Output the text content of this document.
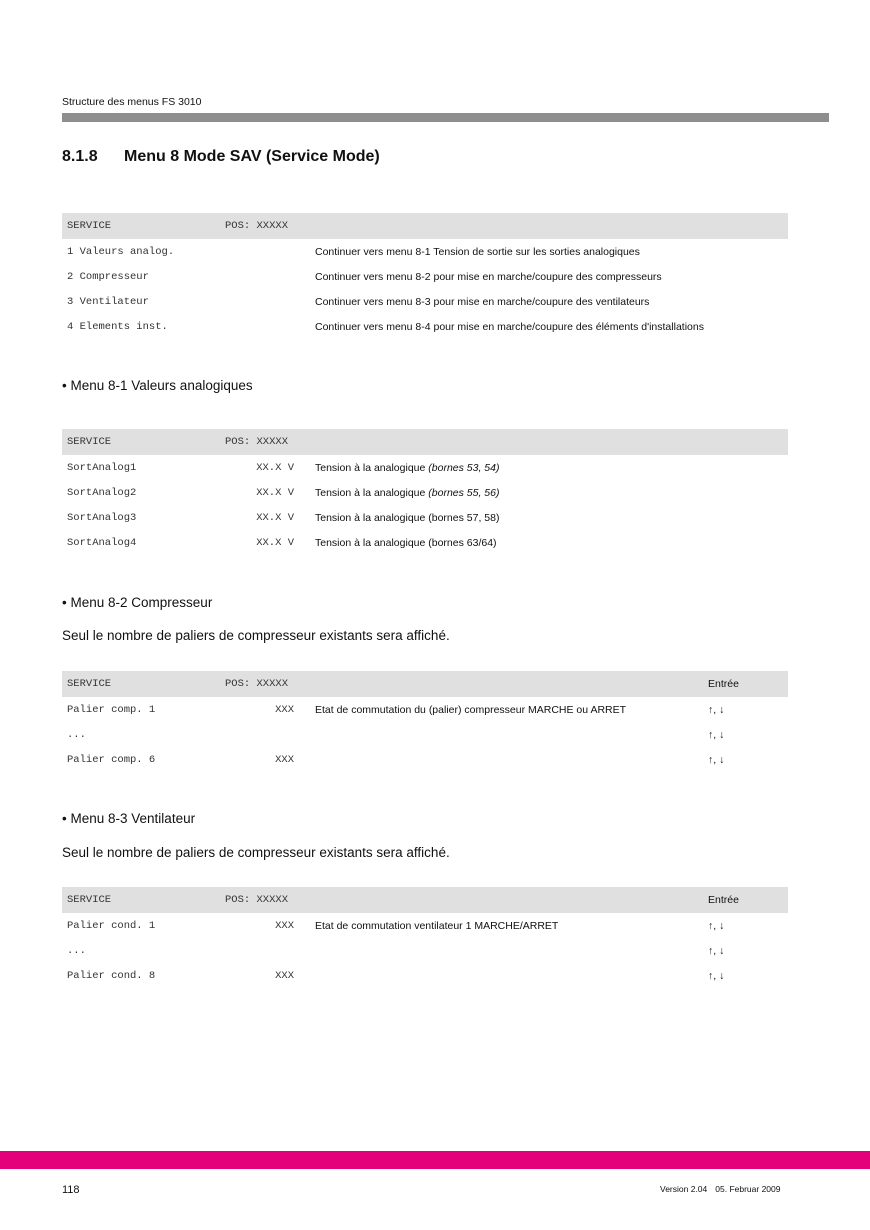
Structure des menus FS 3010
8.1.8 Menu 8 Mode SAV (Service Mode)
SERVICE	POS: XXXXX
1 Valeurs analog.	Continuer vers menu 8-1 Tension de sortie sur les sorties analogiques
2 Compresseur	Continuer vers menu 8-2 pour mise en marche/coupure des compresseurs
3 Ventilateur	Continuer vers menu 8-3 pour mise en marche/coupure des ventilateurs
4 Elements inst.	Continuer vers menu 8-4 pour mise en marche/coupure des éléments d'installations
• Menu 8-1 Valeurs analogiques
SERVICE	POS: XXXXX
SortAnalog1	XX.X V Tension à la analogique (bornes 53, 54)
SortAnalog2	XX.X V Tension à la analogique (bornes 55, 56)
SortAnalog3	XX.X V Tension à la analogique (bornes 57, 58)
SortAnalog4	XX.X V Tension à la analogique (bornes 63/64)
• Menu 8-2 Compresseur
Seul le nombre de paliers de compresseur existants sera affiché.
SERVICE	POS: XXXXX	Entrée
Palier comp. 1	XXX Etat de commutation du (palier) compresseur MARCHE ou ARRET	↑, ↓
...	↑, ↓
Palier comp. 6	XXX	↑, ↓
• Menu 8-3 Ventilateur
Seul le nombre de paliers de compresseur existants sera affiché.
SERVICE	POS: XXXXX	Entrée
Palier cond. 1	XXX Etat de commutation ventilateur 1 MARCHE/ARRET	↑, ↓
...	↑, ↓
Palier cond. 8	XXX	↑, ↓
118	Version 2.04 05. Februar 2009
